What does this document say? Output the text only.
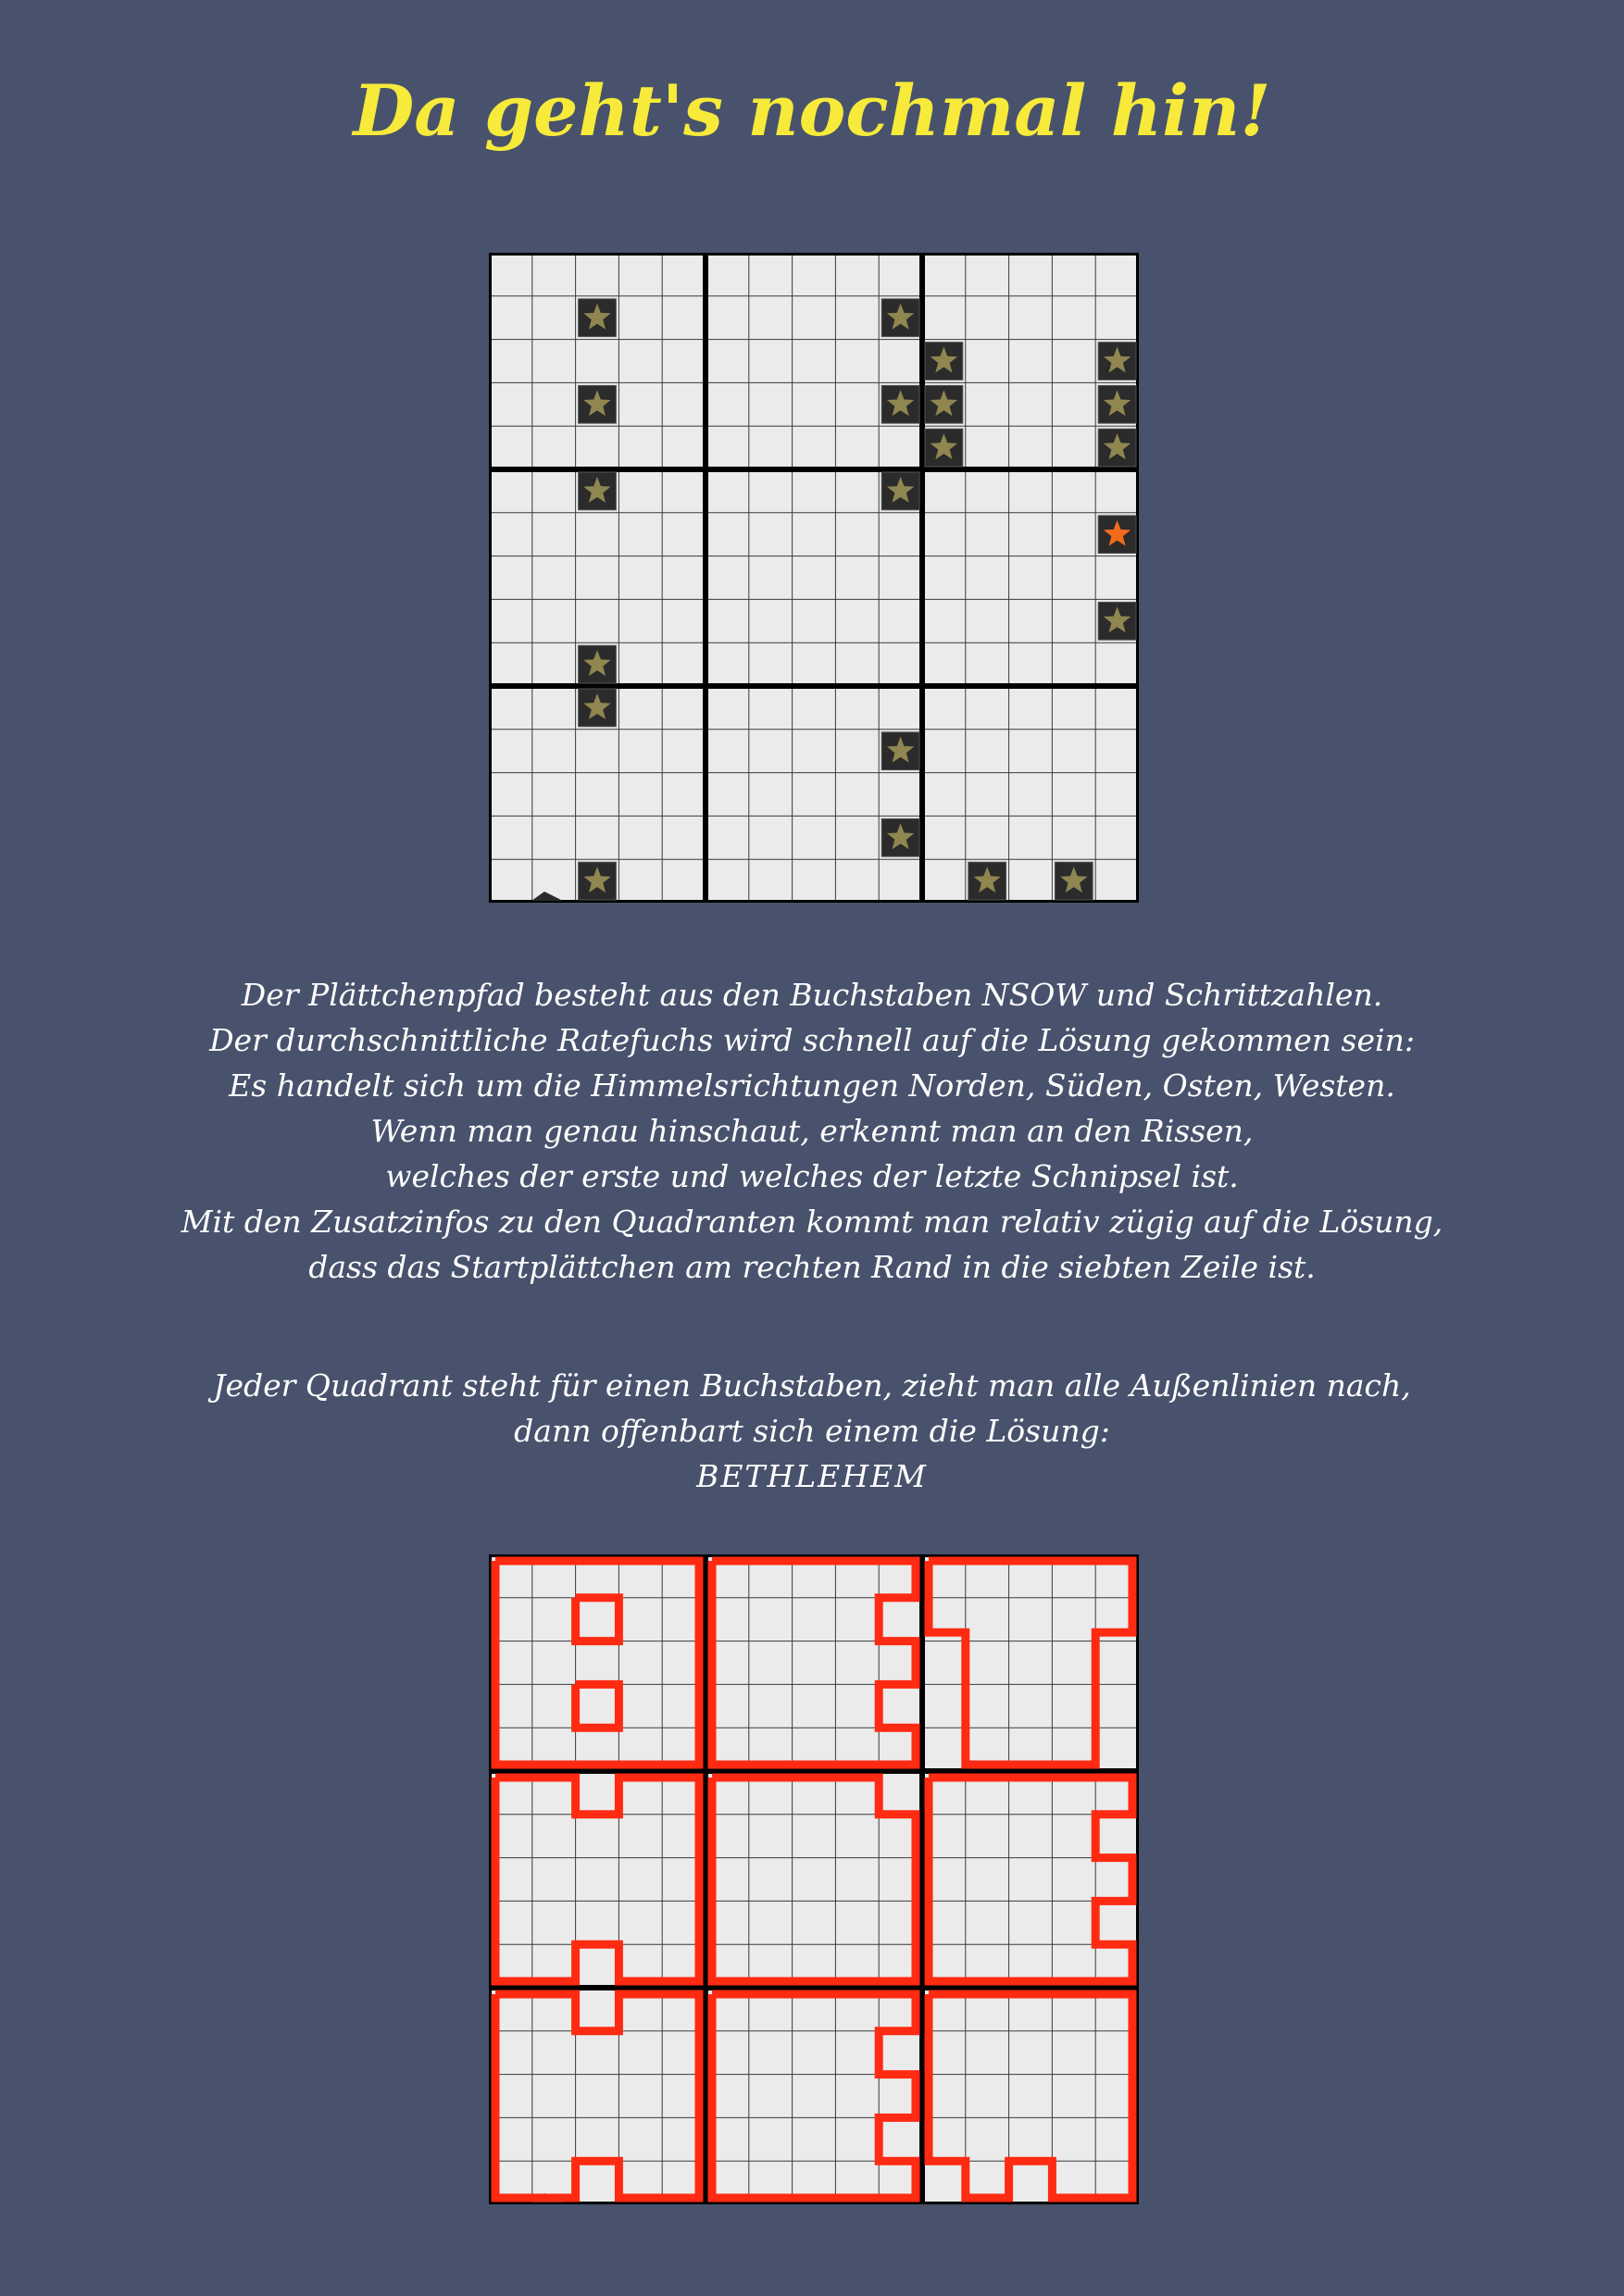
Da geht's nochmal hin!
Der Plättchenpfad besteht aus den Buchstaben NSOW und Schrittzahlen.
Der durchschnittliche Ratefuchs wird schnell auf die Lösung gekommen sein:
Es handelt sich um die Himmelsrichtungen Norden, Süden, Osten, Westen.
Wenn man genau hinschaut, erkennt man an den Rissen,
welches der erste und welches der letzte Schnipsel ist.
Mit den Zusatzinfos zu den Quadranten kommt man relativ zügig auf die Lösung,
dass das Startplättchen am rechten Rand in die siebten Zeile ist.
Jeder Quadrant steht für einen Buchstaben, zieht man alle Außenlinien nach,
dann offenbart sich einem die Lösung:
BETHLEHEM
